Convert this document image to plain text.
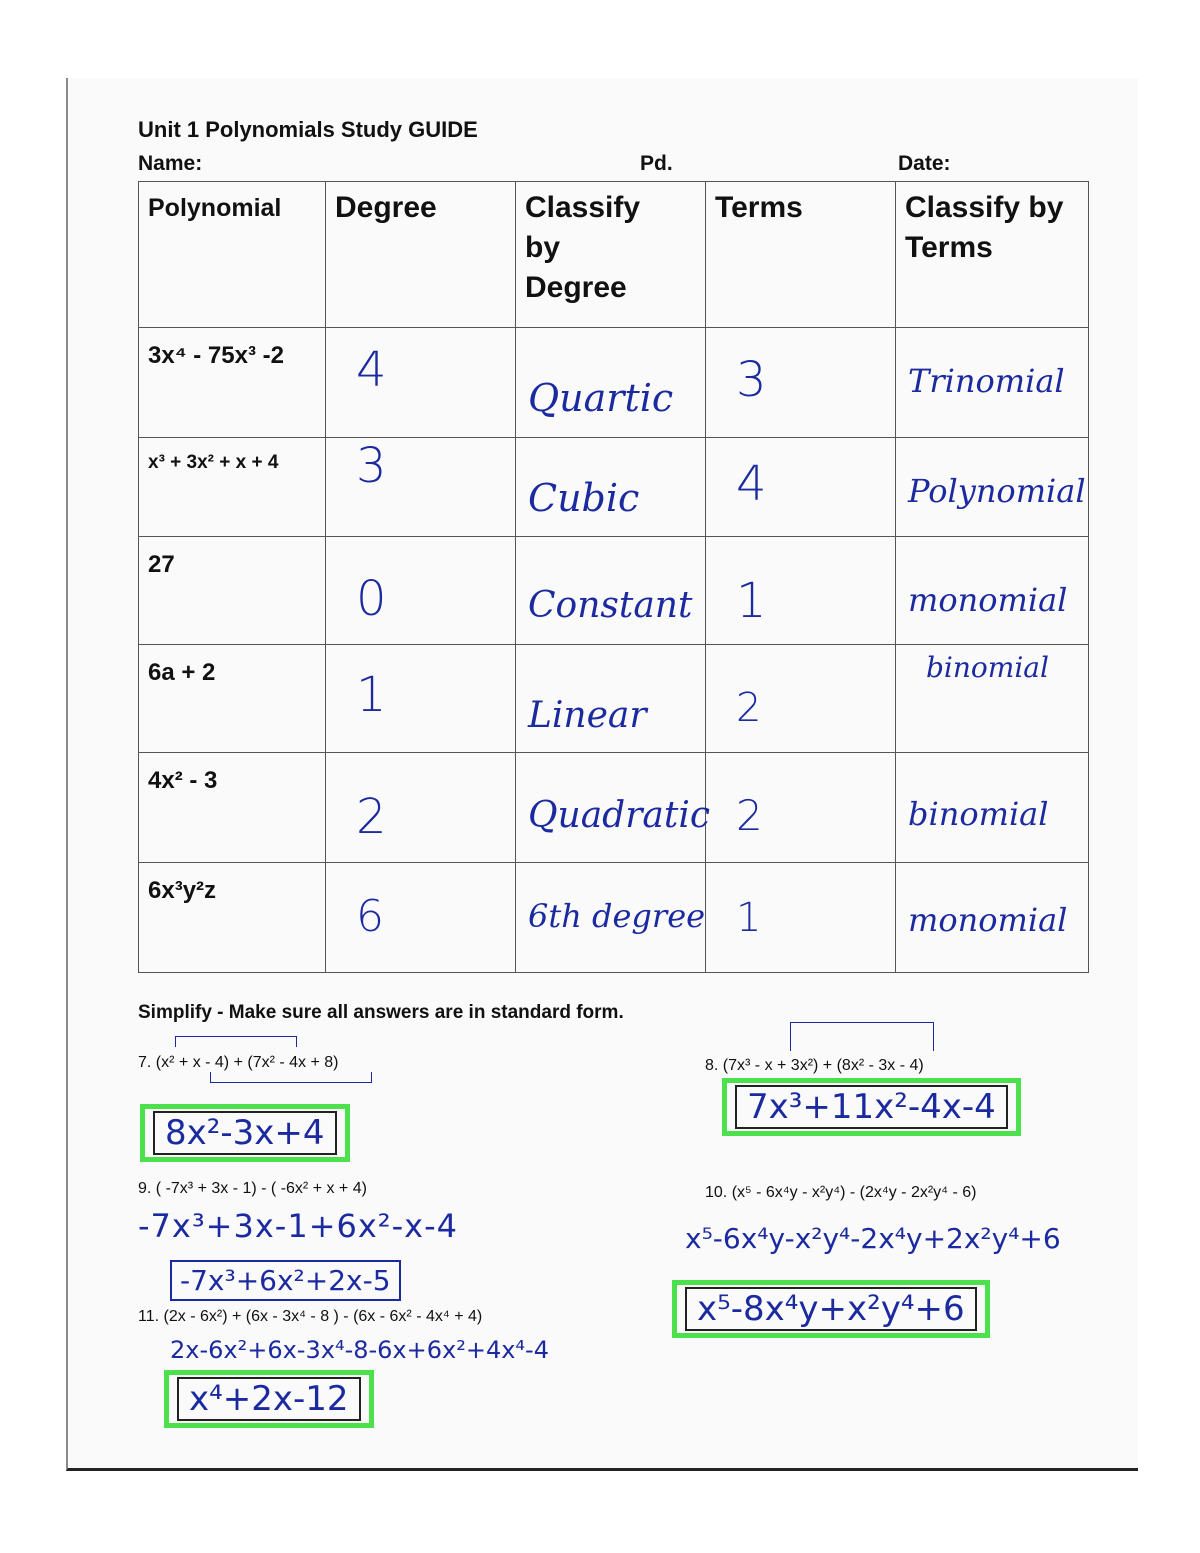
Unit 1 Polynomials Study GUIDE
Name:	Pd.	Date:
Polynomial	Degree	Classify by Degree	Terms	Classify by Terms

3x⁴ - 75x³ -2	4	Quartic	3	Trinomial

x³ + 3x² + x + 4	3	Cubic	4	Polynomial

27	0	Constant	1	monomial

6a + 2	1	Linear	2	binomial

4x² - 3	2	Quadratic	2	binomial

6x³y²z	6	6th degree	1	monomial
Simplify - Make sure all answers are in standard form.
7. (x² + x - 4) + (7x² - 4x + 8)
8x²-3x+4
8. (7x³ - x + 3x²) + (8x² - 3x - 4)
7x³+11x²-4x-4
9. ( -7x³ + 3x - 1) - ( -6x² + x + 4)
-7x³+3x-1+6x²-x-4
-7x³+6x²+2x-5
10. (x⁵ - 6x⁴y - x²y⁴) - (2x⁴y - 2x²y⁴ - 6)
x⁵-6x⁴y-x²y⁴-2x⁴y+2x²y⁴+6
x⁵-8x⁴y+x²y⁴+6
11. (2x - 6x²) + (6x - 3x⁴ - 8 ) - (6x - 6x² - 4x⁴ + 4)
2x-6x²+6x-3x⁴-8-6x+6x²+4x⁴-4
x⁴+2x-12
